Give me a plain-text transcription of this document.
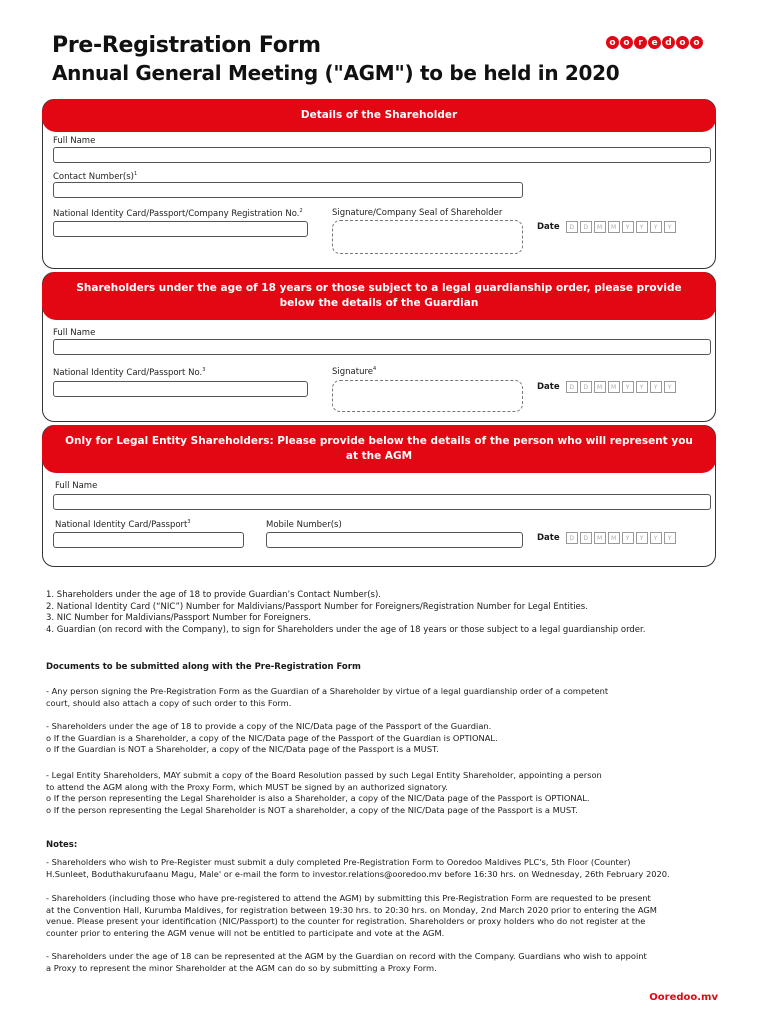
Pre-Registration Form
Annual General Meeting ("AGM") to be held in 2020
o o r e d o o
Details of the Shareholder
Full Name
Contact $Number(s)^1$
National Identity Card/Passport/Company Registration No.$^2$	Signature/Company Seal of Shareholder
Date	D	D	M	M	Y	Y	Y	Y
Shareholders under the age of 18 years or those subject to a legal guardianship order, please provide
below the details of the Guardian
Full Name
National Identity Card/Passport No.$^3$	Signature$^4$
Date	D	D	M	M	Y	Y	Y	Y
Only for Legal Entity Shareholders: Please provide below the details of the person who will represent you
at the AGM
Full Name
National Identity Card/Passport$^3$	Mobile Number(s)
Date	D	D	M	M	Y	Y	Y	Y
1. Shareholders under the age of 18 to provide Guardian’s Contact Number(s).
2. National Identity Card (“NIC”) Number for Maldivians/Passport Number for Foreigners/Registration Number for Legal Entities.
3. NIC Number for Maldivians/Passport Number for Foreigners.
4. Guardian (on record with the Company), to sign for Shareholders under the age of 18 years or those subject to a legal guardianship order.
Documents to be submitted along with the Pre-Registration Form
- Any person signing the Pre-Registration Form as the Guardian of a Shareholder by virtue of a legal guardianship order of a competent
court, should also attach a copy of such order to this Form.
- Shareholders under the age of 18 to provide a copy of the NIC/Data page of the Passport of the Guardian.
o If the Guardian is a Shareholder, a copy of the NIC/Data page of the Passport of the Guardian is OPTIONAL.
o If the Guardian is NOT a Shareholder, a copy of the NIC/Data page of the Passport is a MUST.
- Legal Entity Shareholders, MAY submit a copy of the Board Resolution passed by such Legal Entity Shareholder, appointing a person
to attend the AGM along with the Proxy Form, which MUST be signed by an authorized signatory.
o If the person representing the Legal Shareholder is also a Shareholder, a copy of the NIC/Data page of the Passport is OPTIONAL.
o If the person representing the Legal Shareholder is NOT a shareholder, a copy of the NIC/Data page of the Passport is a MUST.
Notes:
- Shareholders who wish to Pre-Register must submit a duly completed Pre-Registration Form to Ooredoo Maldives PLC's, 5th Floor (Counter)
H.Sunleet, Boduthakurufaanu Magu, Male' or e-mail the form to investor.relations@ooredoo.mv before 16:30 hrs. on Wednesday, 26th February 2020.
- Shareholders (including those who have pre-registered to attend the AGM) by submitting this Pre-Registration Form are requested to be present
at the Convention Hall, Kurumba Maldives, for registration between 19:30 hrs. to 20:30 hrs. on Monday, 2nd March 2020 prior to entering the AGM
venue. Please present your identification (NIC/Passport) to the counter for registration. Shareholders or proxy holders who do not register at the
counter prior to entering the AGM venue will not be entitled to participate and vote at the AGM.
- Shareholders under the age of 18 can be represented at the AGM by the Guardian on record with the Company. Guardians who wish to appoint
a Proxy to represent the minor Shareholder at the AGM can do so by submitting a Proxy Form.
Ooredoo.mv
